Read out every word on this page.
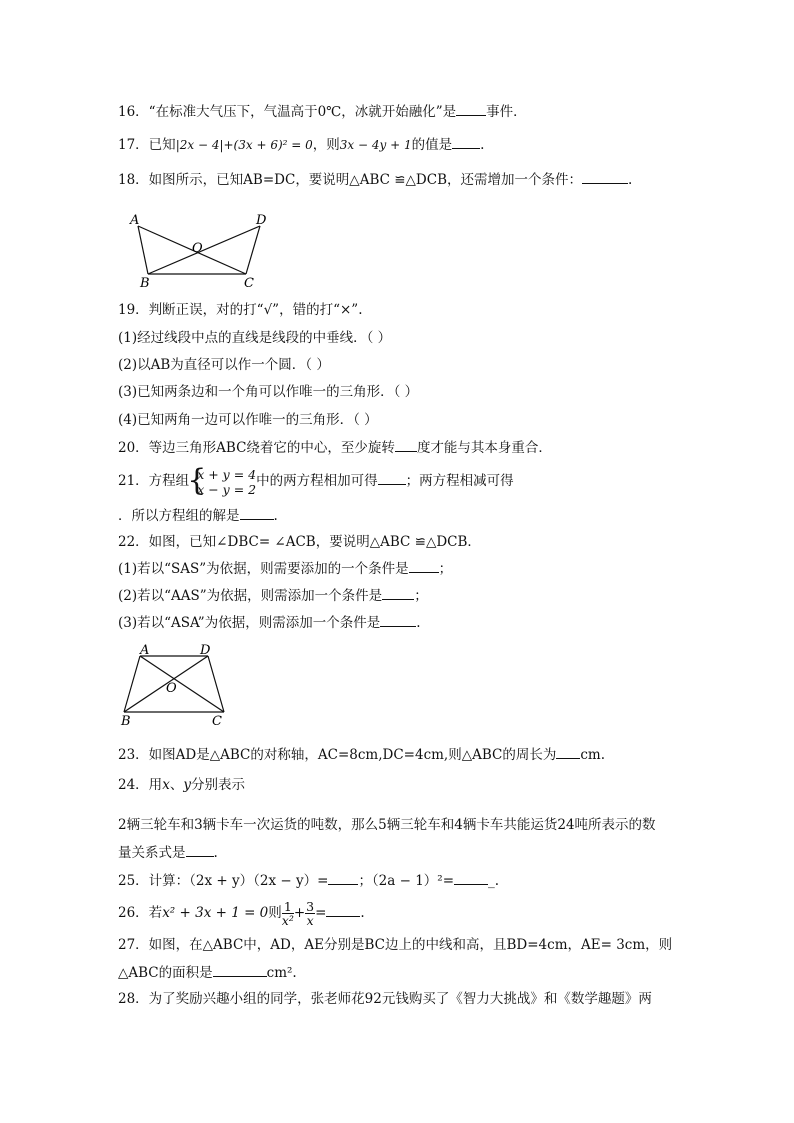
16．“在标准大气压下，气温高于0℃，冰就开始融化”是 事件．
17．已知|2x − 4|+(3x + 6)² = 0，则3x − 4y + 1的值是 .
18．如图所示，已知AB=DC，要说明△ABC ≌△DCB，还需增加一个条件：	.
A	D
O
B	C
19．判断正误，对的打“√”，错的打“×”.
(1)经过线段中点的直线是线段的中垂线．（ ）
(2)以AB为直径可以作一个圆．（ ）
(3)已知两条边和一个角可以作唯一的三角形．（ ）
(4)已知两角一边可以作唯一的三角形．（ ）
20．等边三角形ABC绕着它的中心，至少旋转 度才能与其本身重合．
21．方程组
{ x + y = 4
x − y = 2 中的两方程相加可得 ；两方程相减可得
．所以方程组的解是	.
22．如图，已知∠DBC= ∠ACB，要说明△ABC ≌△DCB．
(1)若以“SAS”为依据，则需要添加的一个条件是 ；
(2)若以“AAS”为依据，则需添加一个条件是 ；
(3)若以“ASA”为依据，则需添加一个条件是	.
A	D
O
B	C
23．如图AD是△ABC的对称轴，AC=8cm,DC=4cm,则△ABC的周长为 cm.
24．用x、y分别表示
2辆三轮车和3辆卡车一次运货的吨数，那么5辆三轮车和4辆卡车共能运货24吨所表示的数
量关系式是 .
25．计算：（2x + y）（2x − y）= ；（2a − 1）²=	_.
26．若x² + 3x + 1 = 0则 $\frac{1}{\text{x²}} + \frac{3}{x}$ =	.
27．如图，在△ABC中，AD，AE分别是BC边上的中线和高，且BD=4cm，AE= 3cm，则
△ABC的面积是	cm².
28．为了奖励兴趣小组的同学，张老师花92元钱购买了《智力大挑战》和《数学趣题》两
